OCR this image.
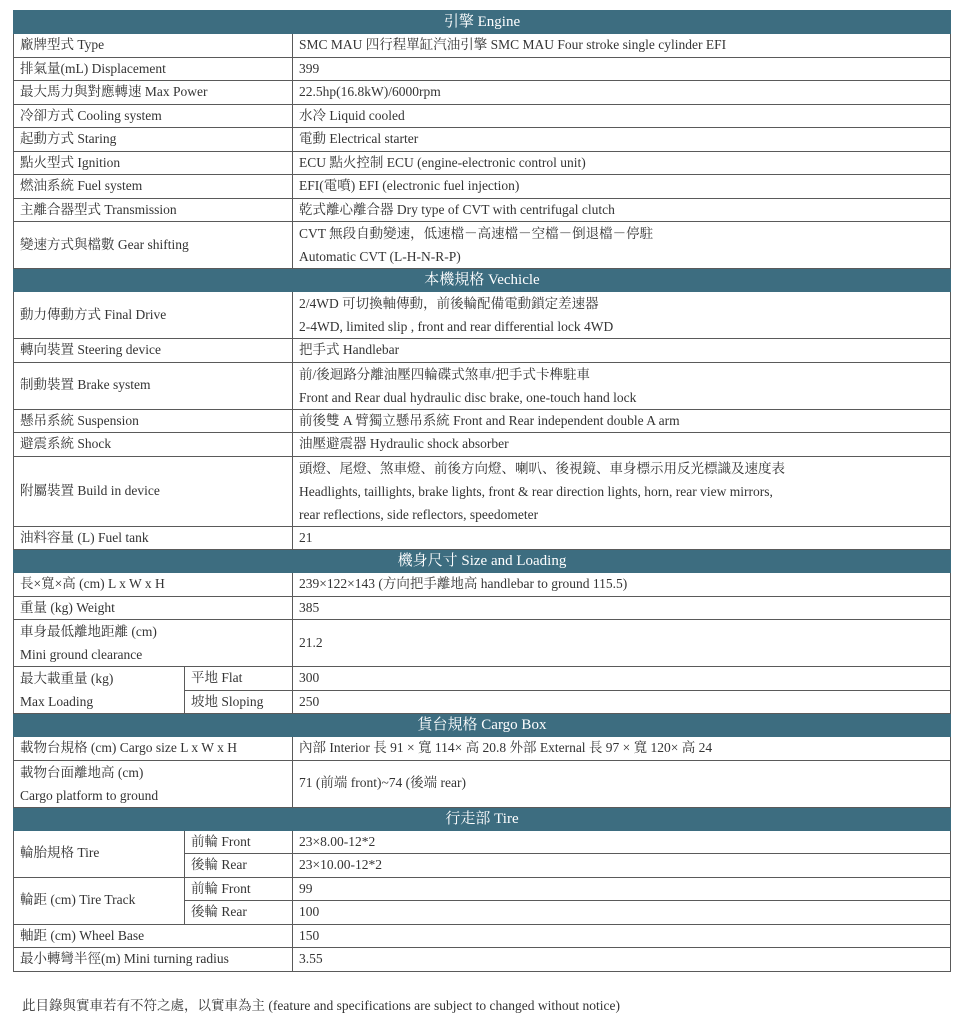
引擎 Engine		
廠牌型式 Type		SMC MAU 四行程單缸汽油引擎 SMC MAU Four stroke single cylinder EFI
排氣量(mL) Displacement		399
最大馬力與對應轉速 Max Power		22.5hp(16.8kW)/6000rpm
冷卻方式 Cooling system		水冷 Liquid cooled
起動方式 Staring		電動 Electrical starter
點火型式 Ignition		ECU 點火控制 ECU (engine-electronic control unit)
燃油系統 Fuel system		EFI(電噴) EFI (electronic fuel injection)
主離合器型式 Transmission		乾式離心離合器 Dry type of CVT with centrifugal clutch
變速方式與檔數 Gear shifting		CVT 無段自動變速，低速檔－高速檔－空檔－倒退檔－停駐
Automatic CVT (L-H-N-R-P)

本機規格 Vechicle		
動力傳動方式 Final Drive		2/4WD 可切換軸傳動，前後輪配備電動鎖定差速器
2-4WD, limited slip , front and rear differential lock 4WD

轉向裝置 Steering device		把手式 Handlebar
制動裝置 Brake system		前/後迴路分離油壓四輪碟式煞車/把手式卡榫駐車
Front and Rear dual hydraulic disc brake, one-touch hand lock

懸吊系統 Suspension		前後雙 A 臂獨立懸吊系統 Front and Rear independent double A arm
避震系統 Shock		油壓避震器 Hydraulic shock absorber
附屬裝置 Build in device		頭燈、尾燈、煞車燈、前後方向燈、喇叭、後視鏡、車身標示用反光標識及速度表
Headlights, taillights, brake lights, front & rear direction lights, horn, rear view mirrors,
rear reflections, side reflectors, speedometer

油料容量 (L) Fuel tank		21
機身尺寸 Size and Loading		
長×寬×高 (cm) L x W x H		239×122×143 (方向把手離地高 handlebar to ground 115.5)
重量 (kg) Weight		385

車身最低離地距離 (cm)
Mini ground clearance		21.2

最大載重量 (kg)
Max Loading	平地 Flat	300
	坡地 Sloping	250
貨台規格 Cargo Box		
載物台規格 (cm) Cargo size L x W x H		內部 Interior 長 91 × 寬 114× 高 20.8 外部 External 長 97 × 寬 120× 高 24

載物台面離地高 (cm)
Cargo platform to ground		71 (前端 front)~74 (後端 rear)
行走部 Tire		
輪胎規格 Tire	前輪 Front	23×8.00-12*2
	後輪 Rear	23×10.00-12*2
輪距 (cm) Tire Track	前輪 Front	99
	後輪 Rear	100
軸距 (cm) Wheel Base		150
最小轉彎半徑(m) Mini turning radius		3.55
此目錄與實車若有不符之處，以實車為主 (feature and specifications are subject to changed without notice)
